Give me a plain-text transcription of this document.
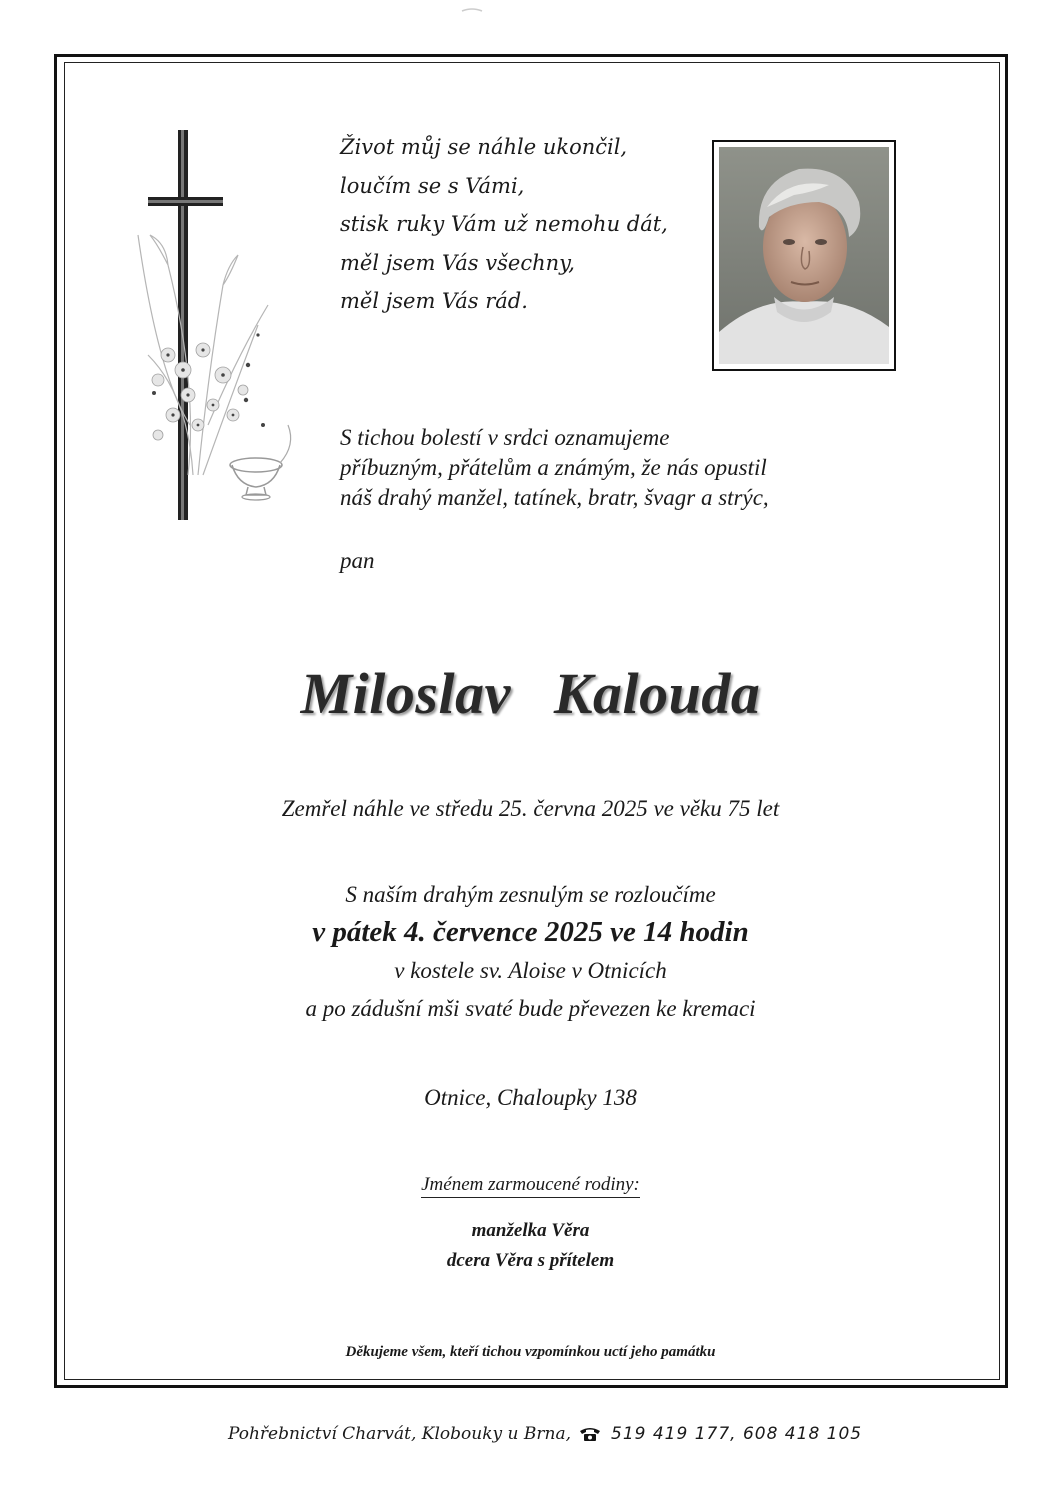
Život můj se náhle ukončil,
loučím se s Vámi,
stisk ruky Vám už nemohu dát,
měl jsem Vás všechny,
měl jsem Vás rád.
S tichou bolestí v srdci oznamujeme
příbuzným, přátelům a známým, že nás opustil
náš drahý manžel, tatínek, bratr, švagr a strýc,
pan
Miloslav Kalouda
Zemřel náhle ve středu 25. června 2025 ve věku 75 let
S naším drahým zesnulým se rozloučíme
v pátek 4. července 2025 ve 14 hodin
v kostele sv. Aloise v Otnicích
a po zádušní mši svaté bude převezen ke kremaci
Otnice, Chaloupky 138
Jménem zarmoucené rodiny:
manželka Věra
dcera Věra s přítelem
Děkujeme všem, kteří tichou vzpomínkou uctí jeho památku
Pohřebnictví Charvát, Klobouky u Brna, 519 419 177, 608 418 105
